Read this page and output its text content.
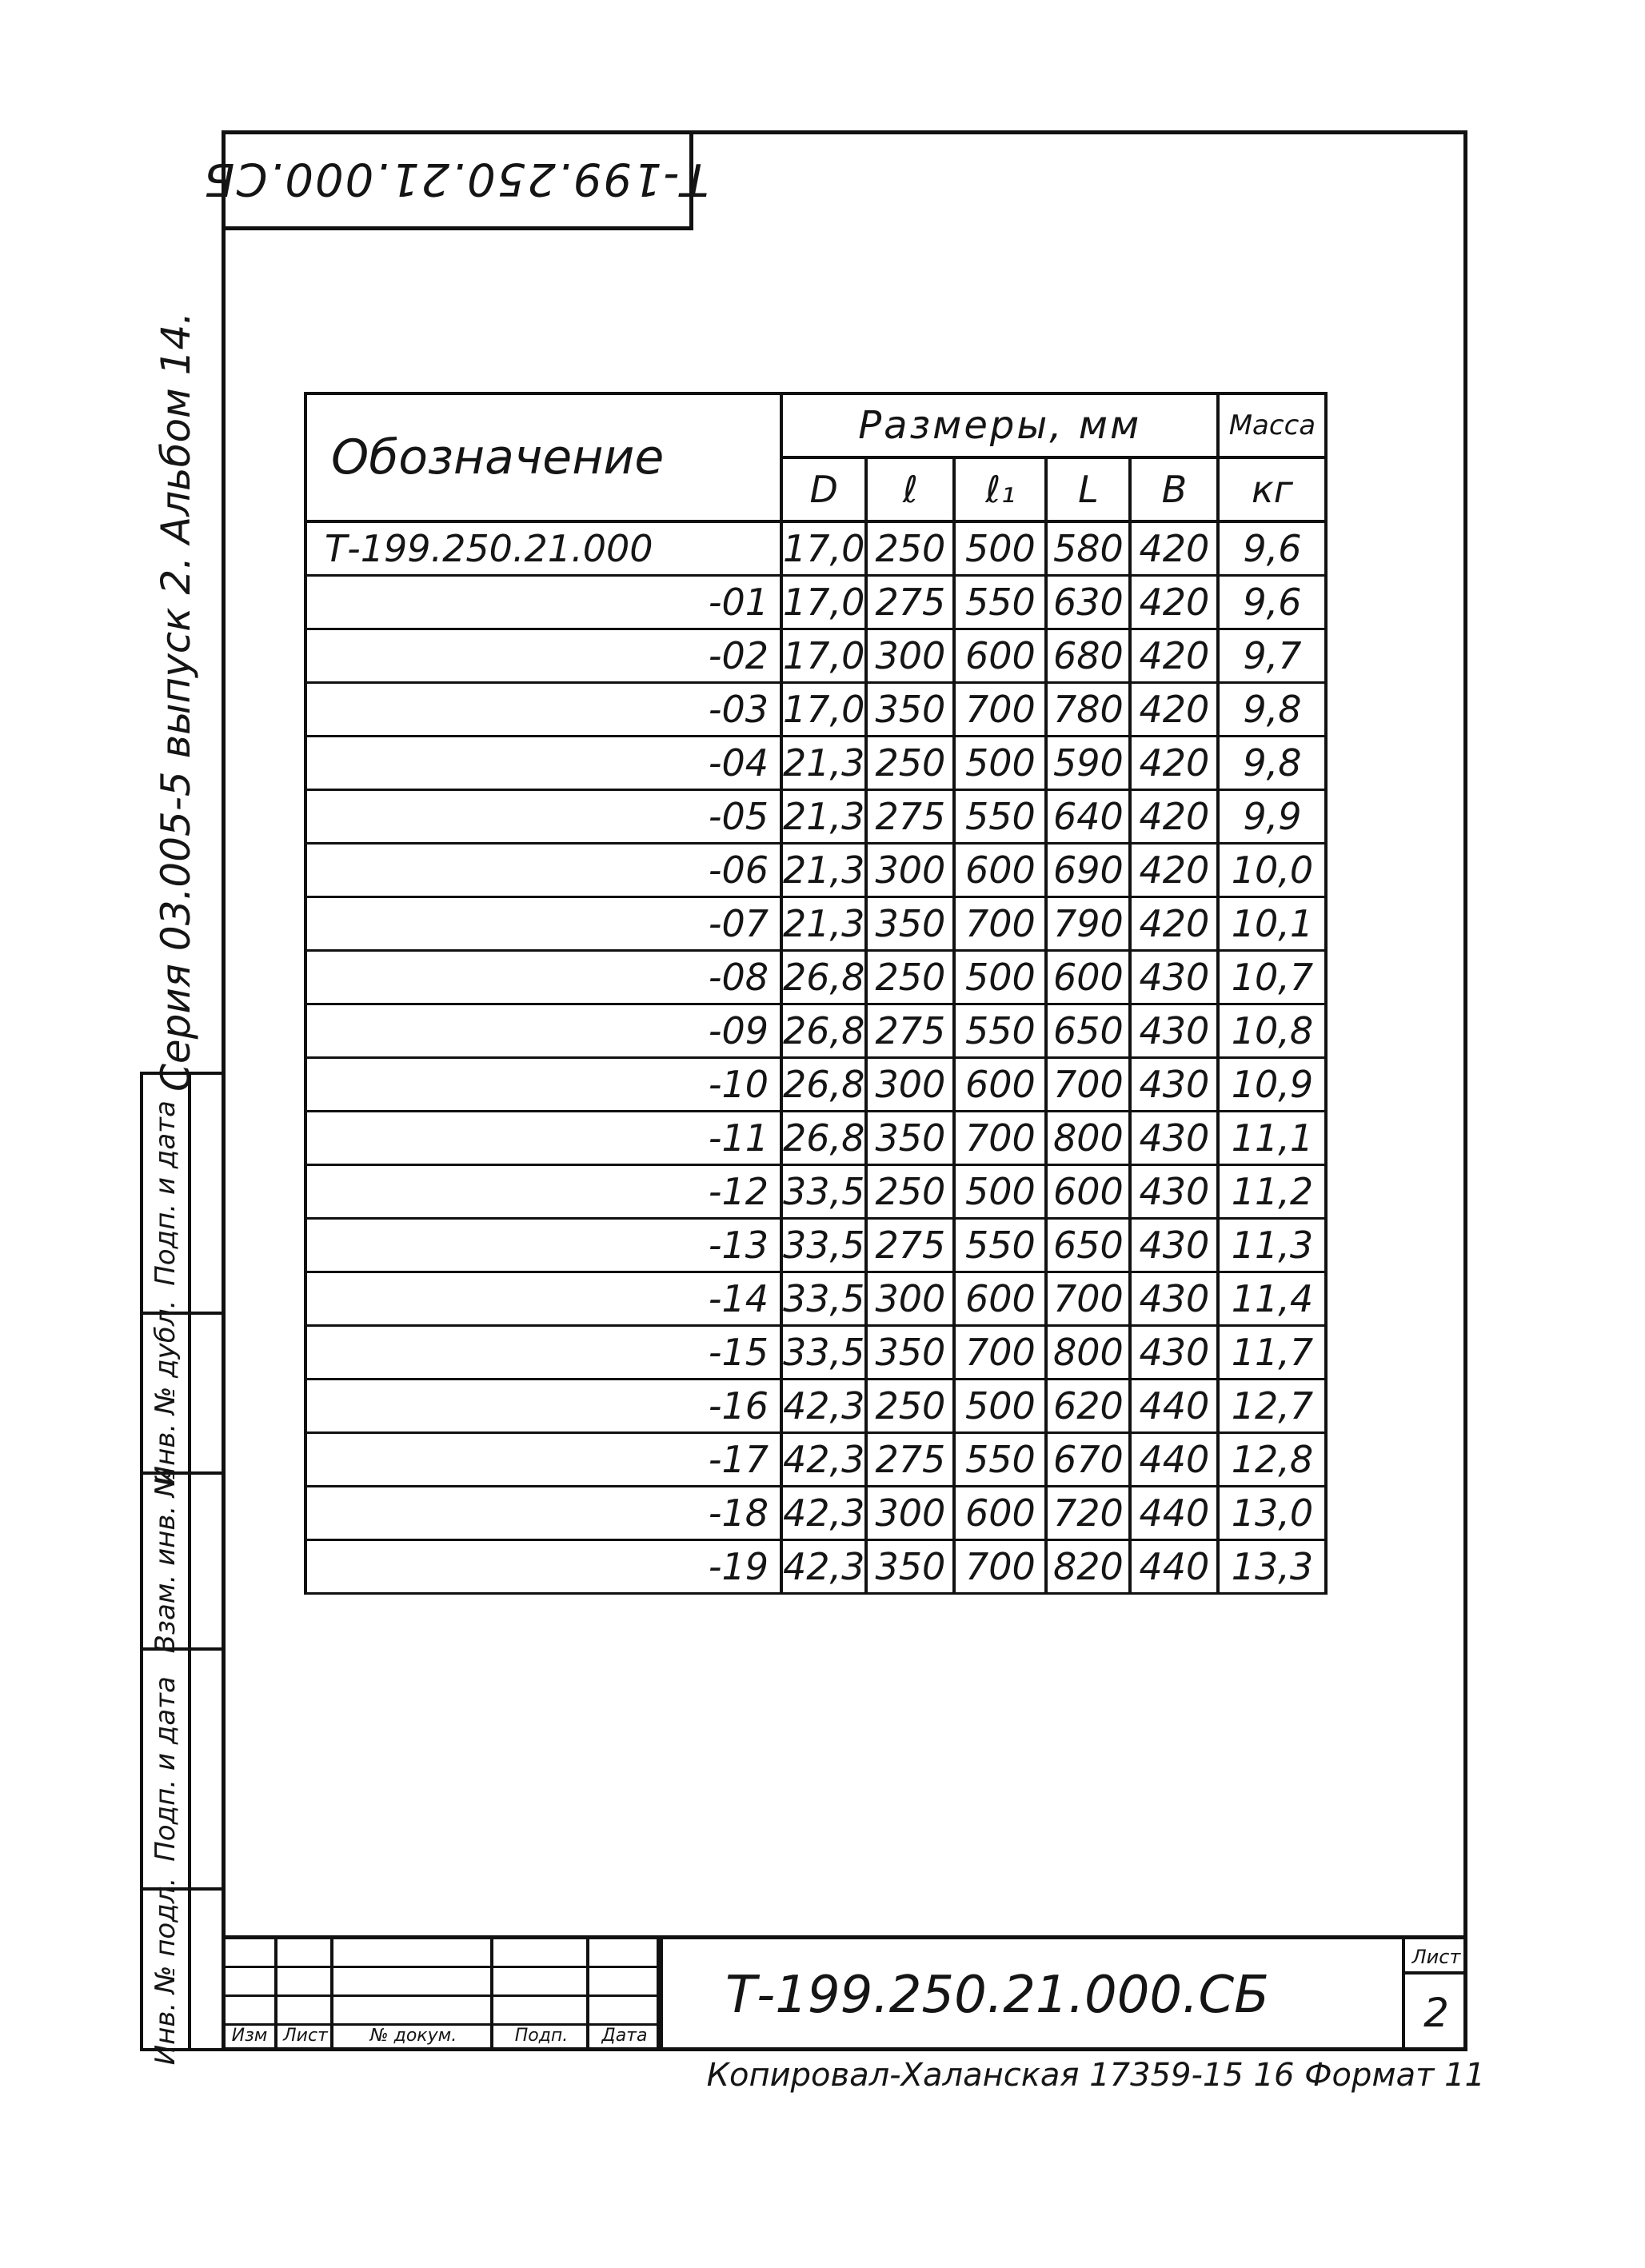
Т-199.250.21.000.СБ
Серия 03.005-5 выпуск 2. Альбом 14.
Подп. и дата
Инв. № дубл.
Взам. инв. №
Подп. и дата
Инв. № подл.
Обозначение	Размеры, мм					Масса
	D	ℓ	ℓ₁	L	B	кг
Т-199.250.21.000	17,0	250	500	580	420	9,6
-01	17,0	275	550	630	420	9,6
-02	17,0	300	600	680	420	9,7
-03	17,0	350	700	780	420	9,8
-04	21,3	250	500	590	420	9,8
-05	21,3	275	550	640	420	9,9
-06	21,3	300	600	690	420	10,0
-07	21,3	350	700	790	420	10,1
-08	26,8	250	500	600	430	10,7
-09	26,8	275	550	650	430	10,8
-10	26,8	300	600	700	430	10,9
-11	26,8	350	700	800	430	11,1
-12	33,5	250	500	600	430	11,2
-13	33,5	275	550	650	430	11,3
-14	33,5	300	600	700	430	11,4
-15	33,5	350	700	800	430	11,7
-16	42,3	250	500	620	440	12,7
-17	42,3	275	550	670	440	12,8
-18	42,3	300	600	720	440	13,0
-19	42,3	350	700	820	440	13,3
Изм Лист	№ докум.	Подп.	Дата
Т-199.250.21.000.СБ
Лист
2
Копировал-Халанская 17359-15 16 Формат 11
